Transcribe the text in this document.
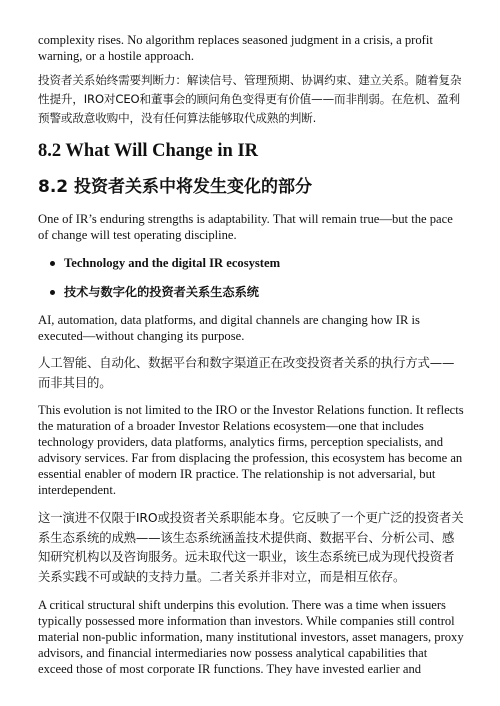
complexity rises. No algorithm replaces seasoned judgment in a crisis, a profit warning, or a hostile approach.

投资者关系始终需要判断力：解读信号、管理预期、协调约束、建立关系。随着复杂性提升，IRO对CEO和董事会的顾问角色变得更有价值——而非削弱。在危机、盈利预警或敌意收购中，没有任何算法能够取代成熟的判断.

8.2 What Will Change in IR
8.2 投资者关系中将发生变化的部分

One of IR’s enduring strengths is adaptability. That will remain true—but the pace of change will test operating discipline.

Technology and the digital IR ecosystem
技术与数字化的投资者关系生态系统

AI, automation, data platforms, and digital channels are changing how IR is executed—without changing its purpose.

人工智能、自动化、数据平台和数字渠道正在改变投资者关系的执行方式——而非其目的。

This evolution is not limited to the IRO or the Investor Relations function. It reflects the maturation of a broader Investor Relations ecosystem—one that includes technology providers, data platforms, analytics firms, perception specialists, and advisory services. Far from displacing the profession, this ecosystem has become an essential enabler of modern IR practice. The relationship is not adversarial, but interdependent.

这一演进不仅限于IRO或投资者关系职能本身。它反映了一个更广泛的投资者关系生态系统的成熟——该生态系统涵盖技术提供商、数据平台、分析公司、感知研究机构以及咨询服务。远未取代这一职业，该生态系统已成为现代投资者关系实践不可或缺的支持力量。二者关系并非对立，而是相互依存。

A critical structural shift underpins this evolution. There was a time when issuers typically possessed more information than investors. While companies still control material non-public information, many institutional investors, asset managers, proxy advisors, and financial intermediaries now possess analytical capabilities that exceed those of most corporate IR functions. They have invested earlier and
